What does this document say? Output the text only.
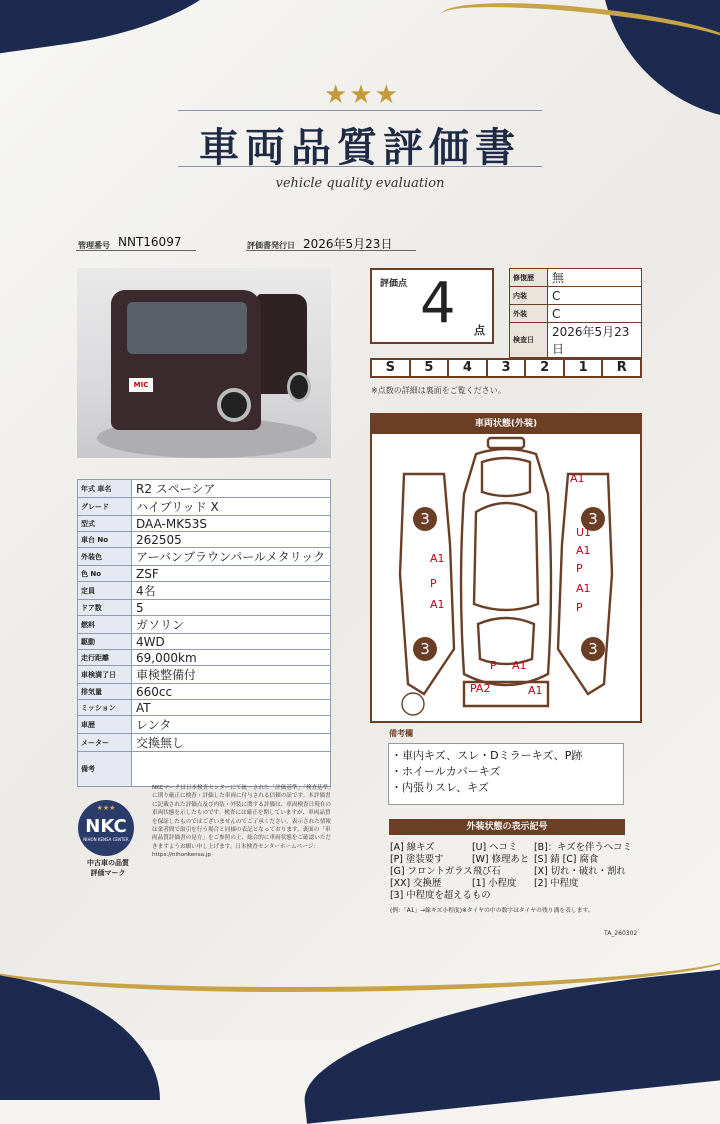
★★★
車両品質評価書
vehicle quality evaluation
管理番号 NNT16097	評価書発行日 2026年5月23日
MIC
年式 車名	R2 スペーシア
グレード	ハイブリッド X
型式	DAA-MK53S
車台 No	262505
外装色	アーバンブラウンパールメタリック
色 No	ZSF
定員	4名
ドア数	5
燃料	ガソリン
駆動	4WD
走行距離	69,000km
車検満了日	車検整備付
排気量	660cc
ミッション	AT
車歴	レンタ
メーター	交換無し
備考	
★★★
NKC
NIHON KENSA CENTER
中古車の品質
評価マーク
NKCマークは日本検査センターにて統一された「評価基準」「検査基準」に則り厳正に検査・評価した車両に付与される信頼の証です。本評価書に記載された評価点及び内装・外装に関する評価は、車両検査日現在の車両状態を示したものです。検査には厳正を期していますが、車両品質を保証したものではございませんのでご了承ください。表示された情報は業者間で取引を行う場合と同様の表記となっております。裏面の「車両品質評価書の見方」をご参照の上、総合的に車両状態をご確認いただきますようお願い申し上げます。日本検査センターホームページ：https://nihonkensa.jp
評価点 4 点
修復歴	無
内装	C
外装	C
検査日	2026年5月23日
S	5	4	3	2	1	R
※点数の詳細は裏面をご覧ください。
車両状態(外装)
3	3
3	3
A1
U1
A1
P
A1
P
A1
P
A1
P A1
PA2	A1
備考欄
・車内キズ、スレ・Dミラーキズ、P跡
・ホイールカバーキズ
・内張りスレ、キズ
外装状態の表示記号
[A] 線キズ	[U] ヘコミ [B]：キズを伴うヘコミ
[P] 塗装要す	[W] 修理あと [S] 錆 [C] 腐食
[G] フロントガラス飛び石	[X] 切れ・破れ・割れ
[XX] 交換歴	[1] 小程度 [2] 中程度
[3] 中程度を超えるもの
(例：「A1」→線キズ小程度)※タイヤの中の数字はタイヤの残り溝を表します。
TA_260302
